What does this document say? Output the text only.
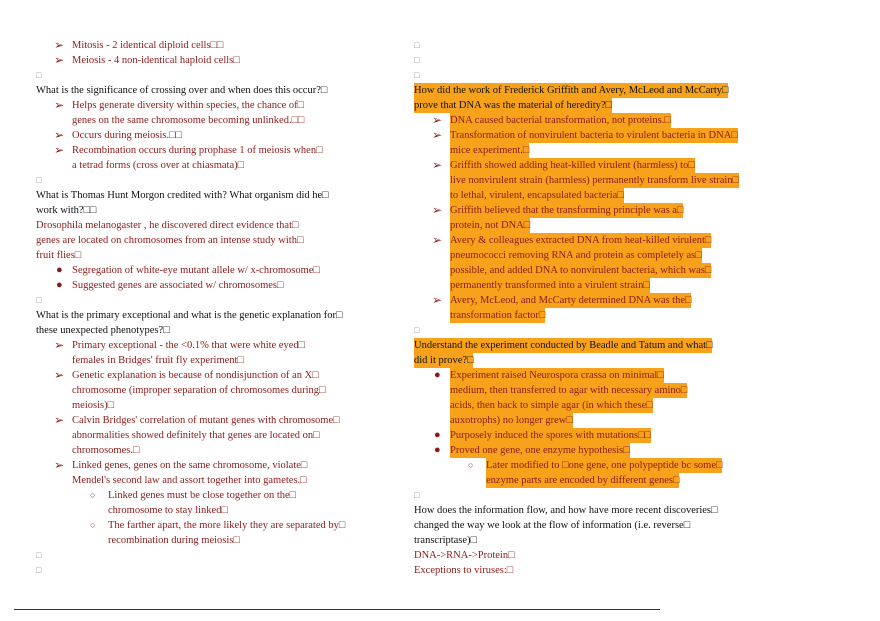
➢ Mitosis - 2 identical diploid cells□□
➢ Meiosis - 4 non-identical haploid cells□
□
What is the significance of crossing over and when does this occur?□
➢ Helps generate diversity within species, the chance of□
genes on the same chromosome becoming unlinked.□□
➢ Occurs during meiosis.□□
➢ Recombination occurs during prophase 1 of meiosis when□
a tetrad forms (cross over at chiasmata)□
□
What is Thomas Hunt Morgon credited with? What organism did he□
work with?□□
Drosophila melanogaster , he discovered direct evidence that□
genes are located on chromosomes from an intense study with□
fruit flies□
● Segregation of white-eye mutant allele w/ x-chromosome□
● Suggested genes are associated w/ chromosomes□
□
What is the primary exceptional and what is the genetic explanation for□
these unexpected phenotypes?□
➢ Primary exceptional - the <0.1% that were white eyed□
females in Bridges' fruit fly experiment□
➢ Genetic explanation is because of nondisjunction of an X□
chromosome (improper separation of chromosomes during□
meiosis)□
➢ Calvin Bridges' correlation of mutant genes with chromosome□
abnormalities showed definitely that genes are located on□
chromosomes.□
➢ Linked genes, genes on the same chromosome, violate□
Mendel's second law and assort together into gametes.□
○ Linked genes must be close together on the□
chromosome to stay linked□
○ The farther apart, the more likely they are separated by□
recombination during meiosis□
□
□
□
□
□
How did the work of Frederick Griffith and Avery, McLeod and McCarty□
prove that DNA was the material of heredity?□
➢ DNA caused bacterial transformation, not proteins.□
➢ Transformation of nonvirulent bacteria to virulent bacteria in DNA□
mice experiment.□
➢ Griffith showed adding heat-killed virulent (harmless) to□
live nonvirulent strain (harmless) permanently transform live strain□
to lethal, virulent, encapsulated bacteria□
➢ Griffith believed that the transforming principle was a□
protein, not DNA□
➢ Avery & colleagues extracted DNA from heat-killed virulent□
pneumococci removing RNA and protein as completely as□
possible, and added DNA to nonvirulent bacteria, which was□
permanently transformed into a virulent strain□
➢ Avery, McLeod, and McCarty determined DNA was the□
transformation factor□
□
Understand the experiment conducted by Beadle and Tatum and what□
did it prove?□
● Experiment raised Neurospora crassa on minimal□
medium, then transferred to agar with necessary amino□
acids, then back to simple agar (in which these□
auxotrophs) no longer grew□
● Purposely induced the spores with mutations□□
● Proved one gene, one enzyme hypothesis□
○ Later modified to □one gene, one polypeptide bc some□
enzyme parts are encoded by different genes□
□
How does the information flow, and how have more recent discoveries□
changed the way we look at the flow of information (i.e. reverse□
transcriptase)□
DNA->RNA->Protein□
Exceptions to viruses:□
